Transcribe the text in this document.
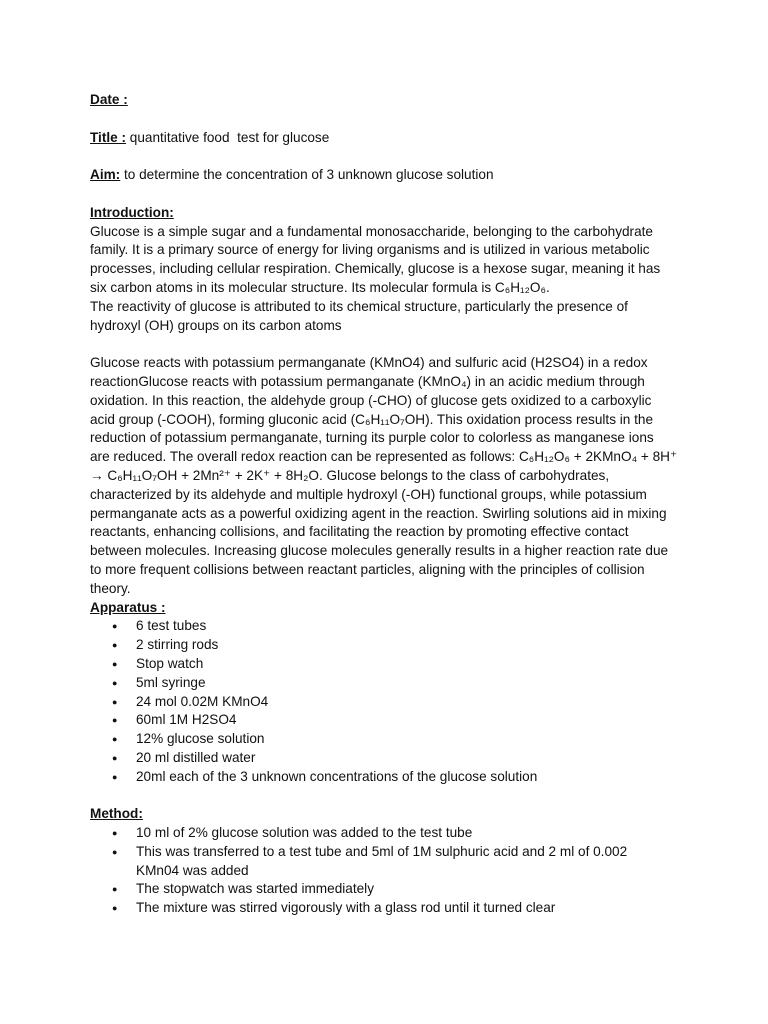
Date :

Title : quantitative food  test for glucose

Aim: to determine the concentration of 3 unknown glucose solution

Introduction:

Glucose is a simple sugar and a fundamental monosaccharide, belonging to the carbohydrate

family. It is a primary source of energy for living organisms and is utilized in various metabolic

processes, including cellular respiration. Chemically, glucose is a hexose sugar, meaning it has

six carbon atoms in its molecular structure. Its molecular formula is C₆H₁₂O₆.

The reactivity of glucose is attributed to its chemical structure, particularly the presence of

hydroxyl (OH) groups on its carbon atoms

Glucose reacts with potassium permanganate (KMnO4) and sulfuric acid (H2SO4) in a redox

reactionGlucose reacts with potassium permanganate (KMnO₄) in an acidic medium through

oxidation. In this reaction, the aldehyde group (-CHO) of glucose gets oxidized to a carboxylic

acid group (-COOH), forming gluconic acid (C₆H₁₁O₇OH). This oxidation process results in the

reduction of potassium permanganate, turning its purple color to colorless as manganese ions

are reduced. The overall redox reaction can be represented as follows: C₆H₁₂O₆ + 2KMnO₄ + 8H⁺

→ C₆H₁₁O₇OH + 2Mn²⁺ + 2K⁺ + 8H₂O. Glucose belongs to the class of carbohydrates,

characterized by its aldehyde and multiple hydroxyl (-OH) functional groups, while potassium

permanganate acts as a powerful oxidizing agent in the reaction. Swirling solutions aid in mixing

reactants, enhancing collisions, and facilitating the reaction by promoting effective contact

between molecules. Increasing glucose molecules generally results in a higher reaction rate due

to more frequent collisions between reactant particles, aligning with the principles of collision

theory.

Apparatus :

● 6 test tubes
● 2 stirring rods
● Stop watch
● 5ml syringe
● 24 mol 0.02M KMnO4
● 60ml 1M H2SO4
● 12% glucose solution
● 20 ml distilled water
● 20ml each of the 3 unknown concentrations of the glucose solution

Method:

● 10 ml of 2% glucose solution was added to the test tube
● This was transferred to a test tube and 5ml of 1M sulphuric acid and 2 ml of 0.002
KMn04 was added
● The stopwatch was started immediately
● The mixture was stirred vigorously with a glass rod until it turned clear
